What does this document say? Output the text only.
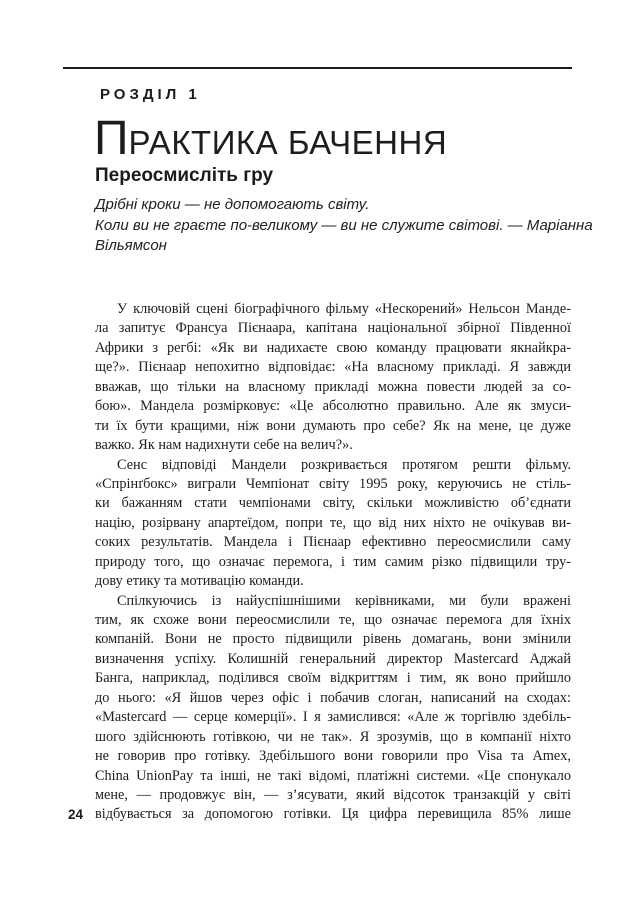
РОЗДІЛ 1
П РАКТИКА БАЧЕННЯ
Переосмисліть гру
Дрібні кроки — не допомогають світу.
Коли ви не граєте по-великому — ви не служите світові. — Маріанна
Вільямсон
У ключовій сцені біографічного фільму «Нескорений» Нельсон Манде-
ла запитує Франсуа Пієнаара, капітана національної збірної Південної
Африки з регбі: «Як ви надихаєте свою команду працювати якнайкра-
ще?». Пієнаар непохитно відповідає: «На власному прикладі. Я завжди
вважав, що тільки на власному прикладі можна повести людей за со-
бою». Мандела розмірковує: «Це абсолютно правильно. Але як змуси-
ти їх бути кращими, ніж вони думають про себе? Як на мене, це дуже
важко. Як нам надихнути себе на велич?».
Сенс відповіді Мандели розкривається протягом решти фільму.
«Спрінґбокс» виграли Чемпіонат світу 1995 року, керуючись не стіль-
ки бажанням стати чемпіонами світу, скільки можливістю об’єднати
націю, розірвану апартеїдом, попри те, що від них ніхто не очікував ви-
соких результатів. Мандела і Пієнаар ефективно переосмислили саму
природу того, що означає перемога, і тим самим різко підвищили тру-
дову етику та мотивацію команди.
Спілкуючись із найуспішнішими керівниками, ми були вражені
тим, як схоже вони переосмислили те, що означає перемога для їхніх
компаній. Вони не просто підвищили рівень домагань, вони змінили
визначення успіху. Колишній генеральний директор Mastercard Аджай
Банга, наприклад, поділився своїм відкриттям і тим, як воно прийшло
до нього: «Я йшов через офіс і побачив слоган, написаний на сходах:
«Mastercard — серце комерції». І я замислився: «Але ж торгівлю здебіль-
шого здійснюють готівкою, чи не так». Я зрозумів, що в компанії ніхто
не говорив про готівку. Здебільшого вони говорили про Visa та Amex,
China UnionPay та інші, не такі відомі, платіжні системи. «Це спонукало
мене, — продовжує він, — з’ясувати, який відсоток транзакцій у світі
відбувається за допомогою готівки. Ця цифра перевищила 85% лише
24
